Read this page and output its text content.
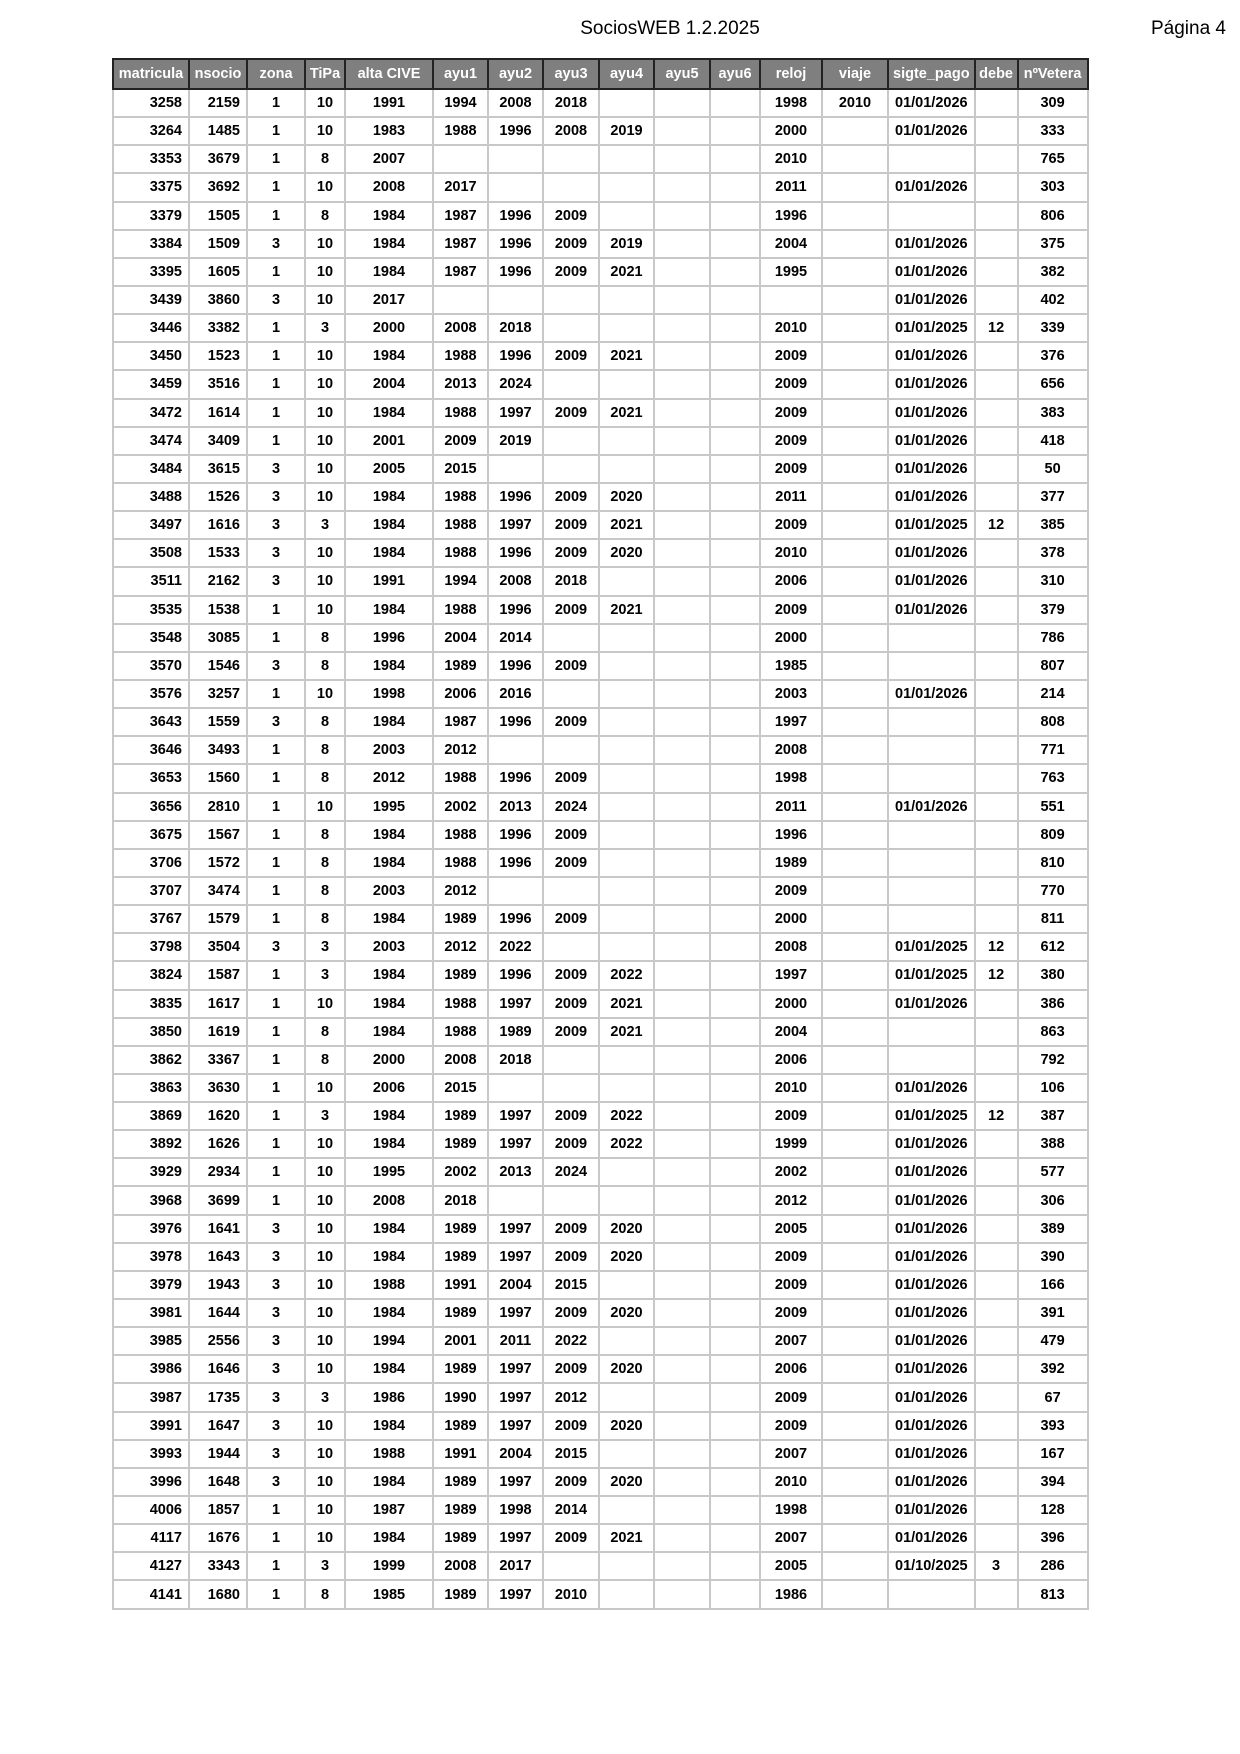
SociosWEB 1.2.2025	Página 4
matricula	nsocio	zona	TiPa	alta CIVE	ayu1	ayu2	ayu3	ayu4	ayu5	ayu6	reloj	viaje	sigte_pago	debe	nºVetera
3258	2159	1	10	1991	1994	2008	2018				1998	2010	01/01/2026		309
3264	1485	1	10	1983	1988	1996	2008	2019			2000		01/01/2026		333
3353	3679	1	8	2007							2010				765
3375	3692	1	10	2008	2017						2011		01/01/2026		303
3379	1505	1	8	1984	1987	1996	2009				1996				806
3384	1509	3	10	1984	1987	1996	2009	2019			2004		01/01/2026		375
3395	1605	1	10	1984	1987	1996	2009	2021			1995		01/01/2026		382
3439	3860	3	10	2017									01/01/2026		402
3446	3382	1	3	2000	2008	2018					2010		01/01/2025	12	339
3450	1523	1	10	1984	1988	1996	2009	2021			2009		01/01/2026		376
3459	3516	1	10	2004	2013	2024					2009		01/01/2026		656
3472	1614	1	10	1984	1988	1997	2009	2021			2009		01/01/2026		383
3474	3409	1	10	2001	2009	2019					2009		01/01/2026		418
3484	3615	3	10	2005	2015						2009		01/01/2026		50
3488	1526	3	10	1984	1988	1996	2009	2020			2011		01/01/2026		377
3497	1616	3	3	1984	1988	1997	2009	2021			2009		01/01/2025	12	385
3508	1533	3	10	1984	1988	1996	2009	2020			2010		01/01/2026		378
3511	2162	3	10	1991	1994	2008	2018				2006		01/01/2026		310
3535	1538	1	10	1984	1988	1996	2009	2021			2009		01/01/2026		379
3548	3085	1	8	1996	2004	2014					2000				786
3570	1546	3	8	1984	1989	1996	2009				1985				807
3576	3257	1	10	1998	2006	2016					2003		01/01/2026		214
3643	1559	3	8	1984	1987	1996	2009				1997				808
3646	3493	1	8	2003	2012						2008				771
3653	1560	1	8	2012	1988	1996	2009				1998				763
3656	2810	1	10	1995	2002	2013	2024				2011		01/01/2026		551
3675	1567	1	8	1984	1988	1996	2009				1996				809
3706	1572	1	8	1984	1988	1996	2009				1989				810
3707	3474	1	8	2003	2012						2009				770
3767	1579	1	8	1984	1989	1996	2009				2000				811
3798	3504	3	3	2003	2012	2022					2008		01/01/2025	12	612
3824	1587	1	3	1984	1989	1996	2009	2022			1997		01/01/2025	12	380
3835	1617	1	10	1984	1988	1997	2009	2021			2000		01/01/2026		386
3850	1619	1	8	1984	1988	1989	2009	2021			2004				863
3862	3367	1	8	2000	2008	2018					2006				792
3863	3630	1	10	2006	2015						2010		01/01/2026		106
3869	1620	1	3	1984	1989	1997	2009	2022			2009		01/01/2025	12	387
3892	1626	1	10	1984	1989	1997	2009	2022			1999		01/01/2026		388
3929	2934	1	10	1995	2002	2013	2024				2002		01/01/2026		577
3968	3699	1	10	2008	2018						2012		01/01/2026		306
3976	1641	3	10	1984	1989	1997	2009	2020			2005		01/01/2026		389
3978	1643	3	10	1984	1989	1997	2009	2020			2009		01/01/2026		390
3979	1943	3	10	1988	1991	2004	2015				2009		01/01/2026		166
3981	1644	3	10	1984	1989	1997	2009	2020			2009		01/01/2026		391
3985	2556	3	10	1994	2001	2011	2022				2007		01/01/2026		479
3986	1646	3	10	1984	1989	1997	2009	2020			2006		01/01/2026		392
3987	1735	3	3	1986	1990	1997	2012				2009		01/01/2026		67
3991	1647	3	10	1984	1989	1997	2009	2020			2009		01/01/2026		393
3993	1944	3	10	1988	1991	2004	2015				2007		01/01/2026		167
3996	1648	3	10	1984	1989	1997	2009	2020			2010		01/01/2026		394
4006	1857	1	10	1987	1989	1998	2014				1998		01/01/2026		128
4117	1676	1	10	1984	1989	1997	2009	2021			2007		01/01/2026		396
4127	3343	1	3	1999	2008	2017					2005		01/10/2025	3	286
4141	1680	1	8	1985	1989	1997	2010				1986				813
